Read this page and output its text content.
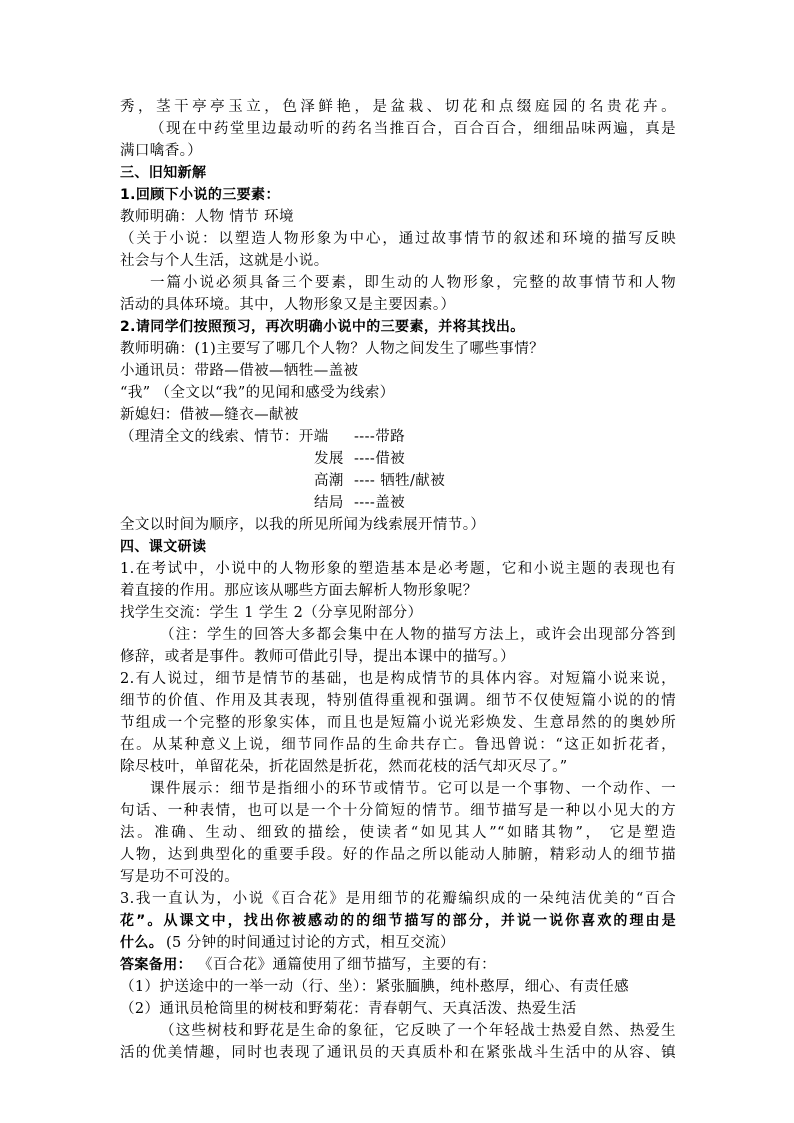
秀，茎干亭亭玉立，色泽鲜艳，是盆栽、切花和点缀庭园的名贵花卉。
（现在中药堂里边最动听的药名当推百合，百合百合，细细品味两遍，真是
满口噙香。）
三、旧知新解
1.回顾下小说的三要素：
教师明确：人物 情节 环境
（关于小说：以塑造人物形象为中心，通过故事情节的叙述和环境的描写反映
社会与个人生活，这就是小说。
一篇小说必须具备三个要素，即生动的人物形象，完整的故事情节和人物
活动的具体环境。其中，人物形象又是主要因素。）
2.请同学们按照预习，再次明确小说中的三要素，并将其找出。
教师明确：(1)主要写了哪几个人物？人物之间发生了哪些事情？
小通讯员：带路—借被—牺牲—盖被
“我” （全文以“我”的见闻和感受为线索）
新媳妇：借被—缝衣—献被
（理清全文的线索、情节：开端 ----带路
发展 ----借被
高潮 ---- 牺牲/献被
结局 ----盖被
全文以时间为顺序，以我的所见所闻为线索展开情节。）
四、课文研读
1.在考试中，小说中的人物形象的塑造基本是必考题，它和小说主题的表现也有
着直接的作用。那应该从哪些方面去解析人物形象呢？
找学生交流：学生 1 学生 2（分享见附部分）
（注：学生的回答大多都会集中在人物的描写方法上，或许会出现部分答到
修辞，或者是事件。教师可借此引导，提出本课中的描写。）
2.有人说过，细节是情节的基础，也是构成情节的具体内容。对短篇小说来说，
细节的价值、作用及其表现，特别值得重视和强调。细节不仅使短篇小说的的情
节组成一个完整的形象实体，而且也是短篇小说光彩焕发、生意昂然的的奥妙所
在。从某种意义上说，细节同作品的生命共存亡。鲁迅曾说：“这正如折花者，
除尽枝叶，单留花朵，折花固然是折花，然而花枝的活气却灭尽了。”
课件展示：细节是指细小的环节或情节。它可以是一个事物、一个动作、一
句话、一种表情，也可以是一个十分简短的情节。细节描写是一种以小见大的方
法。准确、生动、细致的描绘，使读者“如见其人”“如睹其物”， 它是塑造
人物，达到典型化的重要手段。好的作品之所以能动人肺腑，精彩动人的细节描
写是功不可没的。
3.我一直认为，小说《百合花》是用细节的花瓣编织成的一朵纯洁优美的“百合
花”。从课文中，找出你被感动的的细节描写的部分，并说一说你喜欢的理由是
什么。 (5 分钟的时间通过讨论的方式，相互交流）
答案备用： 《百合花》通篇使用了细节描写，主要的有：
（1）护送途中的一举一动（行、坐）：紧张腼腆，纯朴憨厚，细心、有责任感
（2）通讯员枪筒里的树枝和野菊花：青春朝气、天真活泼、热爱生活
（这些树枝和野花是生命的象征，它反映了一个年轻战士热爱自然、热爱生
活的优美情趣，同时也表现了通讯员的天真质朴和在紧张战斗生活中的从容、镇
